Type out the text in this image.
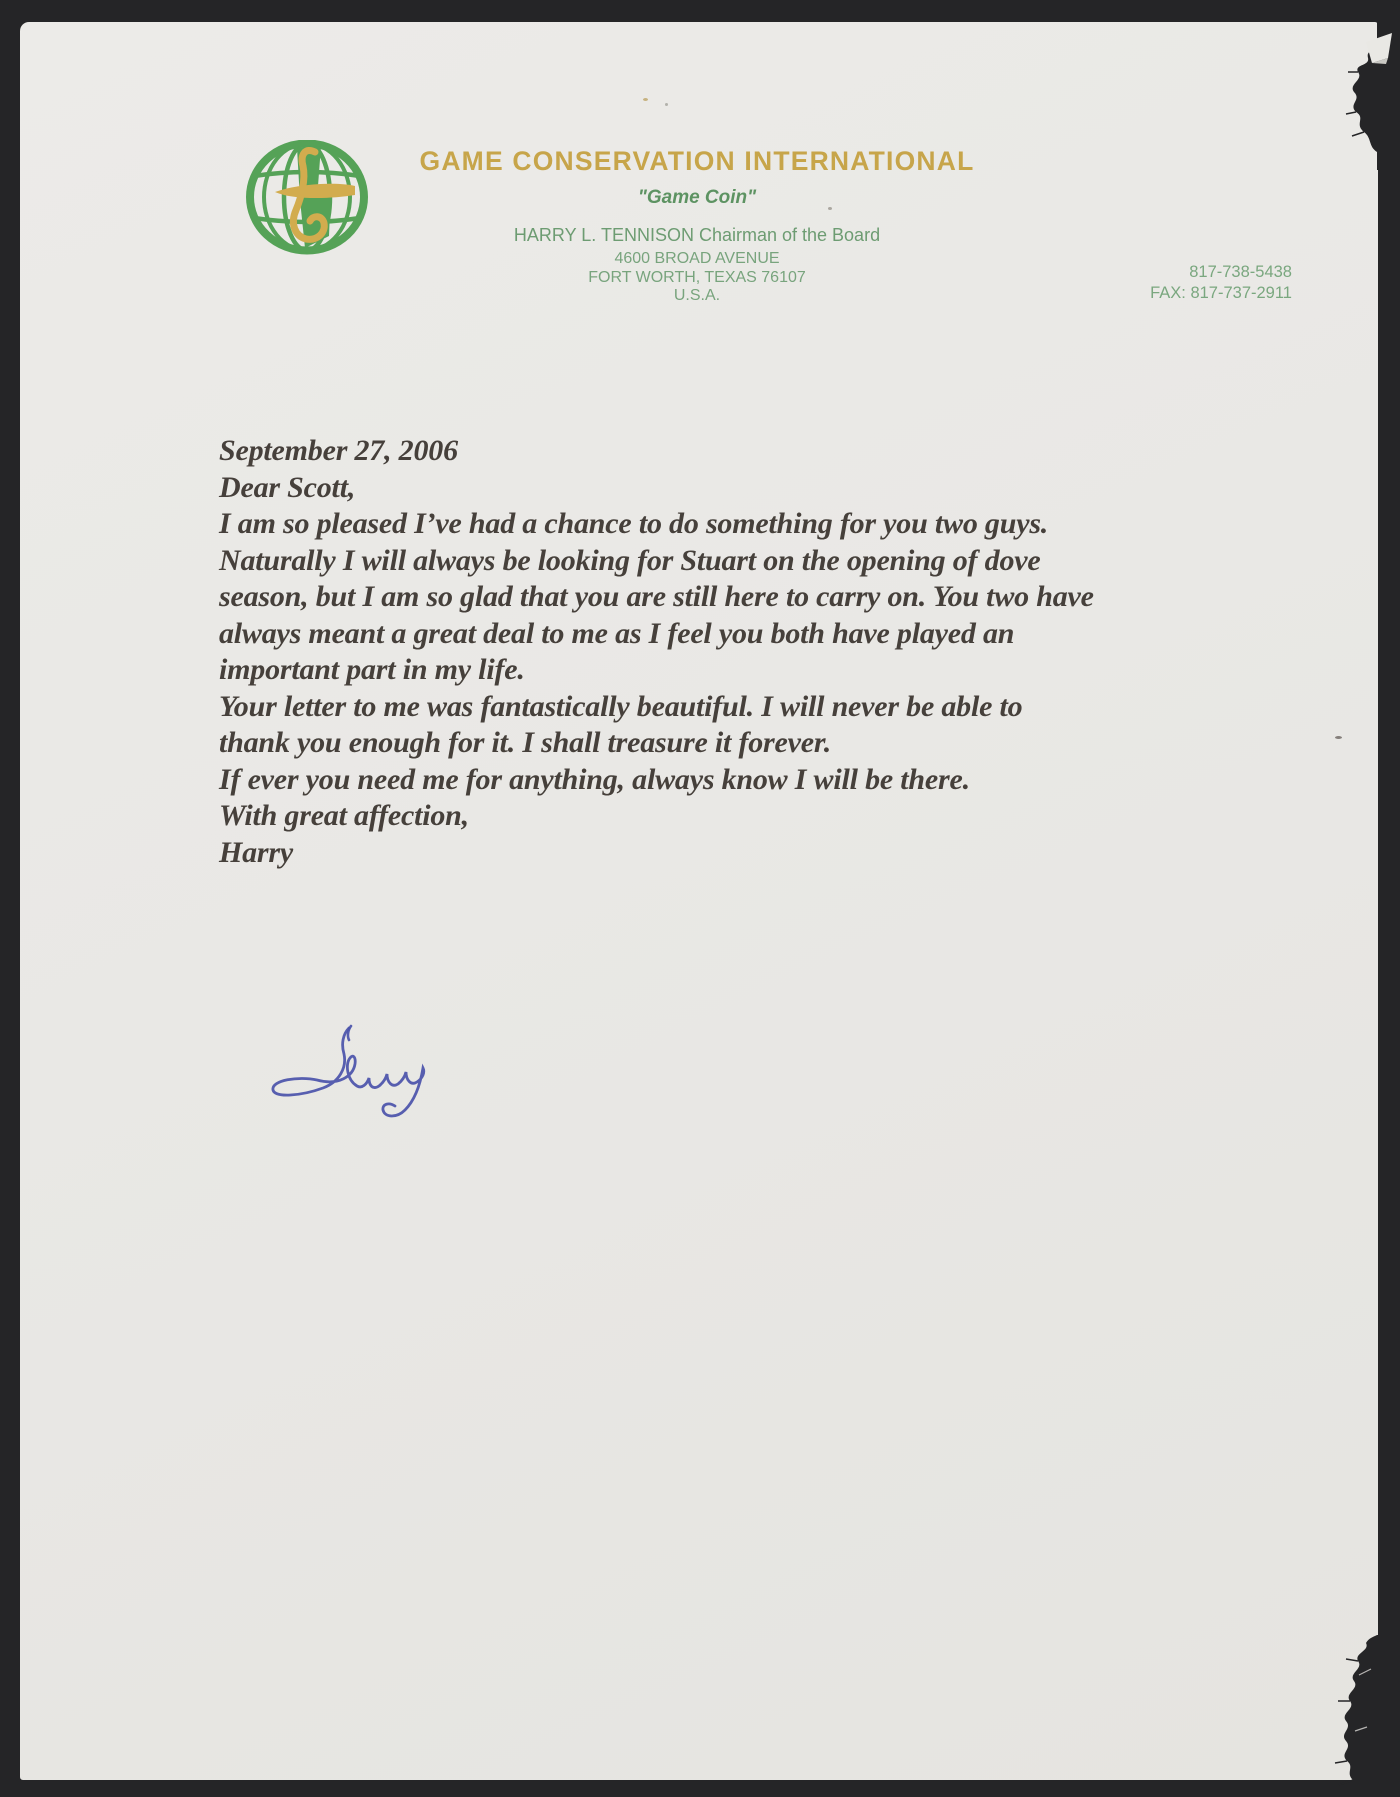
GAME CONSERVATION INTERNATIONAL
"Game Coin"
HARRY L. TENNISON Chairman of the Board
4600 BROAD AVENUE
FORT WORTH, TEXAS 76107
U.S.A.
817-738-5438
FAX: 817-737-2911

September 27, 2006

Dear Scott,

I am so pleased I’ve had a chance to do something for you two guys.
Naturally I will always be looking for Stuart on the opening of dove
season, but I am so glad that you are still here to carry on. You two have
always meant a great deal to me as I feel you both have played an
important part in my life.

Your letter to me was fantastically beautiful. I will never be able to
thank you enough for it. I shall treasure it forever.

If ever you need me for anything, always know I will be there.

With great affection,

Harry
